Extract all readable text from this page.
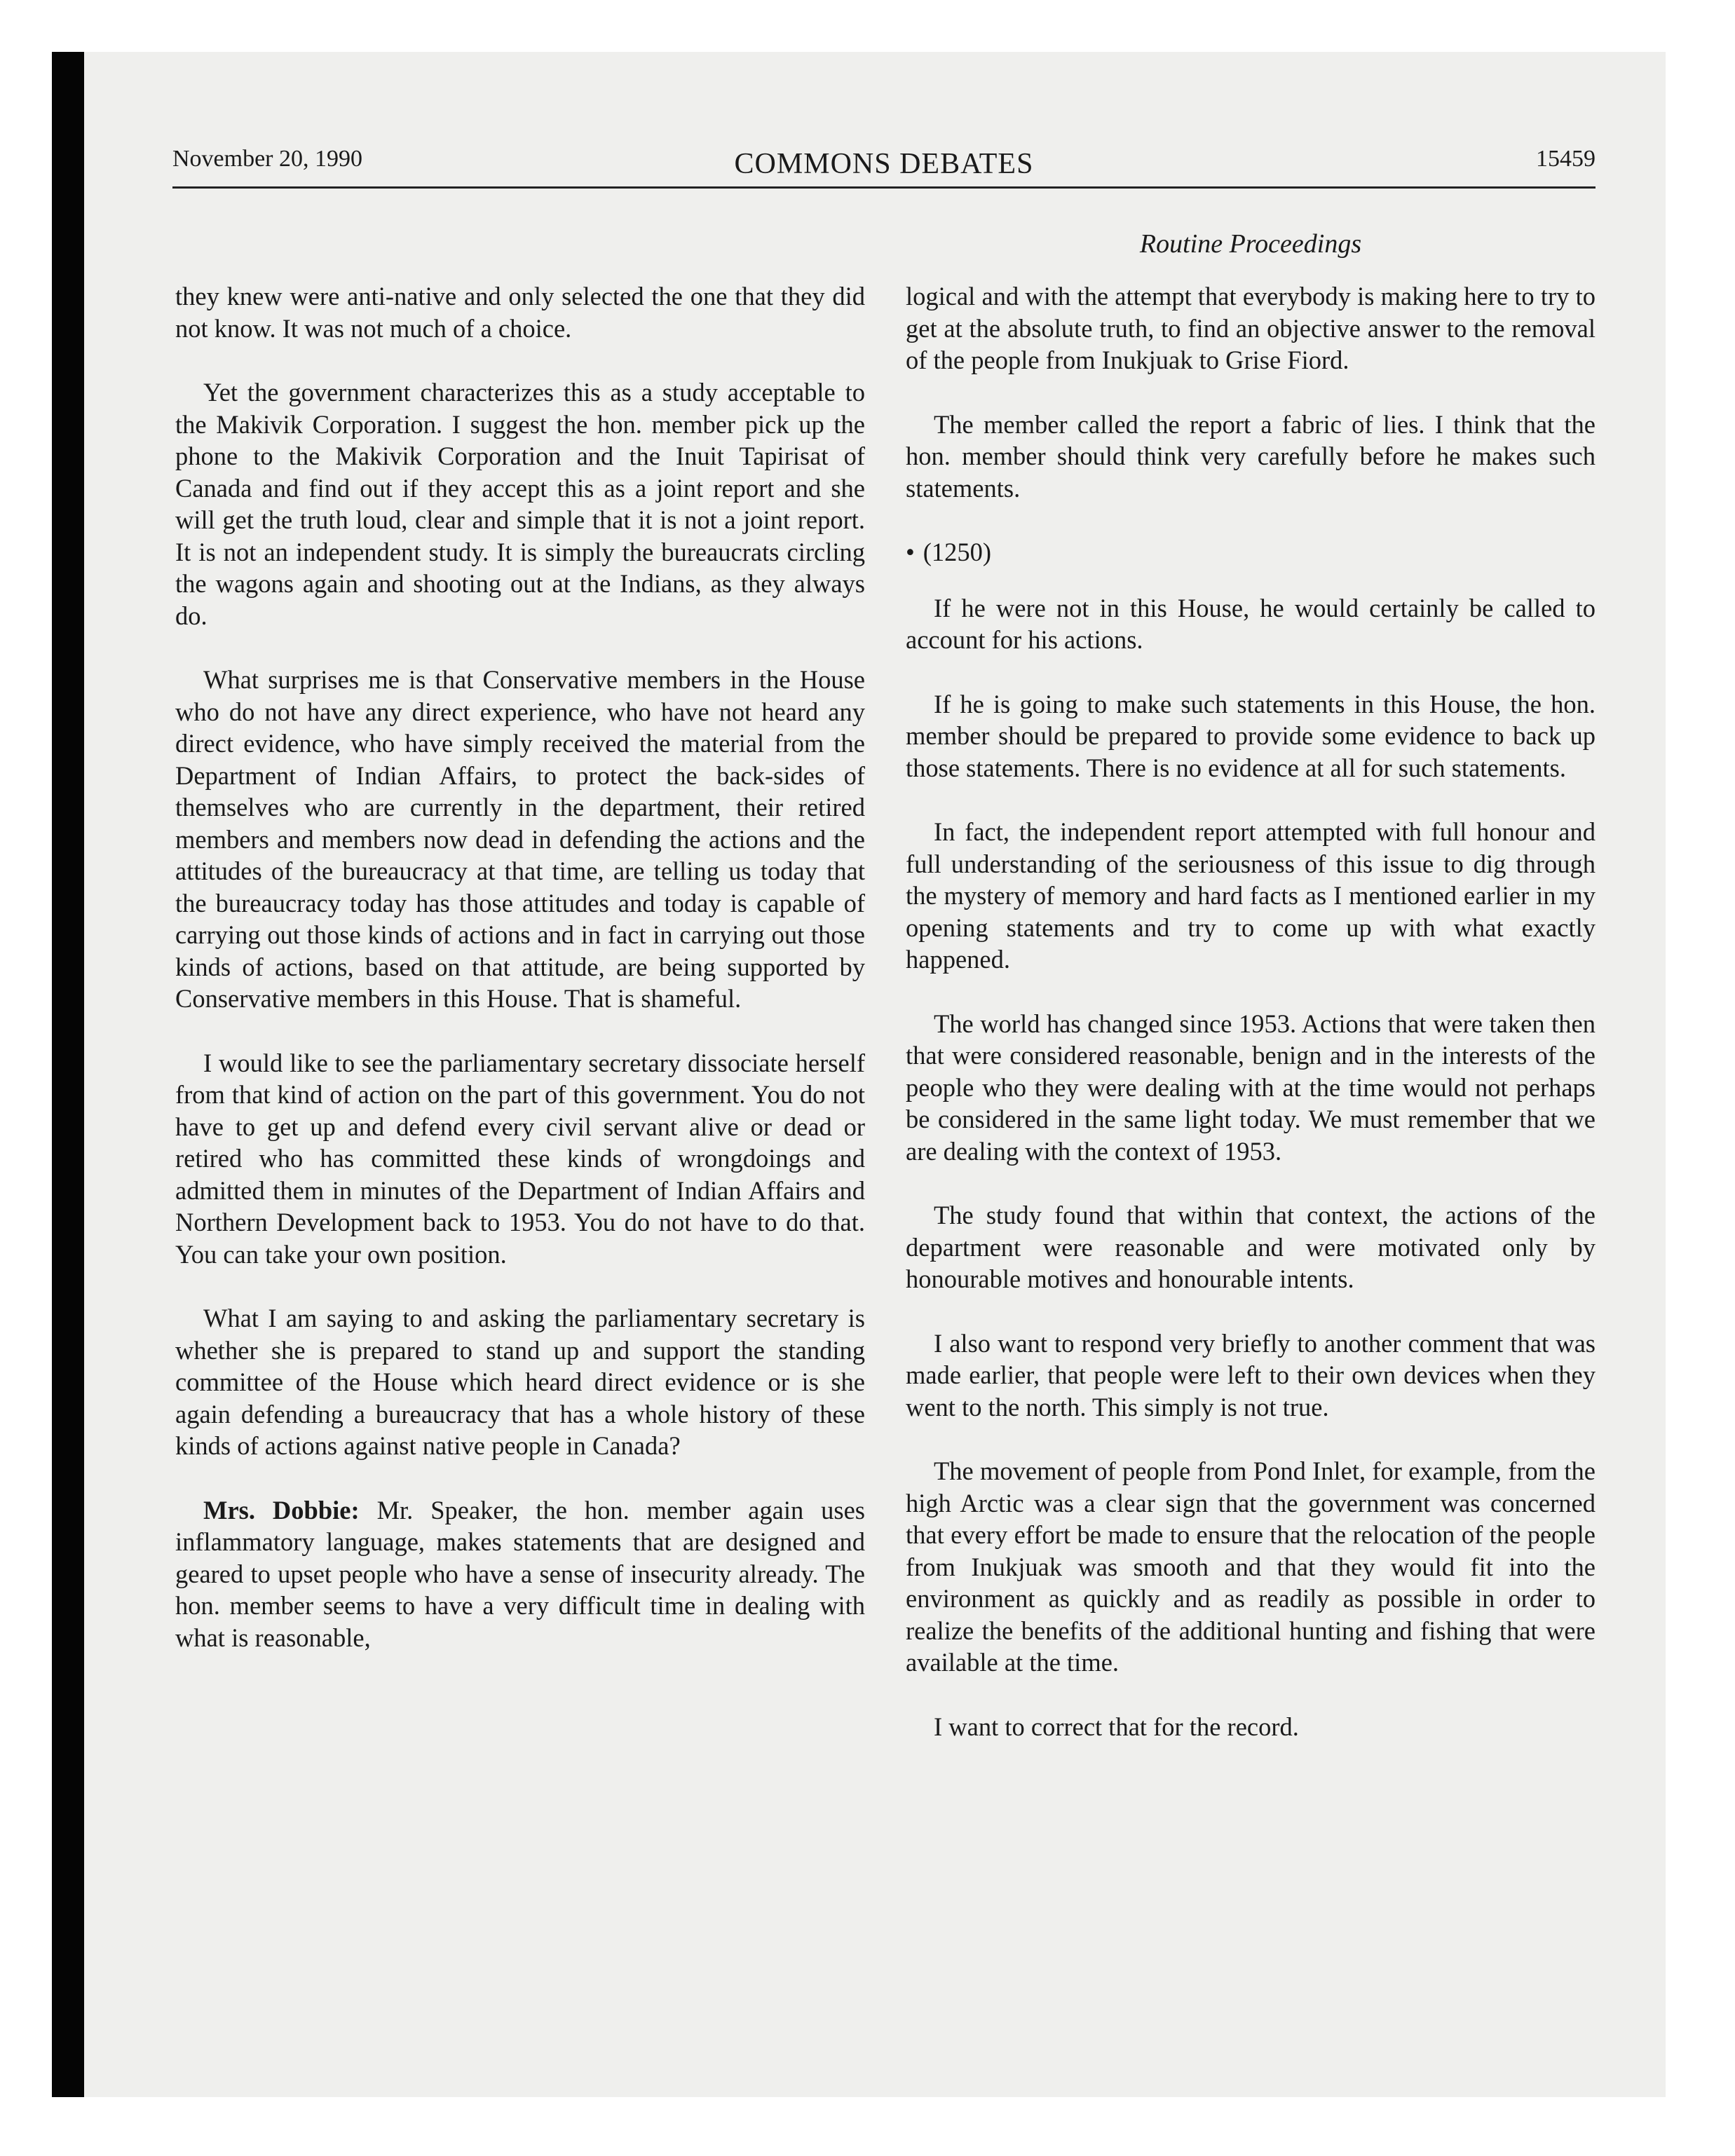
November 20, 1990	COMMONS DEBATES	15459
Routine Proceedings

they knew were anti-native and only selected the one that they did not know. It was not much of a choice.

Yet the government characterizes this as a study acceptable to the Makivik Corporation. I suggest the hon. member pick up the phone to the Makivik Corporation and the Inuit Tapirisat of Canada and find out if they accept this as a joint report and she will get the truth loud, clear and simple that it is not a joint report. It is not an independent study. It is simply the bureaucrats circling the wagons again and shooting out at the Indians, as they always do.

What surprises me is that Conservative members in the House who do not have any direct experience, who have not heard any direct evidence, who have simply received the material from the Department of Indian Affairs, to protect the back-sides of themselves who are currently in the department, their retired members and members now dead in defending the actions and the attitudes of the bureaucracy at that time, are telling us today that the bureaucracy today has those attitudes and today is capable of carrying out those kinds of actions and in fact in carrying out those kinds of actions, based on that attitude, are being supported by Conservative members in this House. That is shameful.

I would like to see the parliamentary secretary dissociate herself from that kind of action on the part of this government. You do not have to get up and defend every civil servant alive or dead or retired who has committed these kinds of wrongdoings and admitted them in minutes of the Department of Indian Affairs and Northern Development back to 1953. You do not have to do that. You can take your own position.

What I am saying to and asking the parliamentary secretary is whether she is prepared to stand up and support the standing committee of the House which heard direct evidence or is she again defending a bureaucracy that has a whole history of these kinds of actions against native people in Canada?

Mrs. Dobbie: Mr. Speaker, the hon. member again uses inflammatory language, makes statements that are designed and geared to upset people who have a sense of insecurity already. The hon. member seems to have a very difficult time in dealing with what is reasonable,

logical and with the attempt that everybody is making here to try to get at the absolute truth, to find an objective answer to the removal of the people from Inukjuak to Grise Fiord.

The member called the report a fabric of lies. I think that the hon. member should think very carefully before he makes such statements.

• (1250)

If he were not in this House, he would certainly be called to account for his actions.

If he is going to make such statements in this House, the hon. member should be prepared to provide some evidence to back up those statements. There is no evidence at all for such statements.

In fact, the independent report attempted with full honour and full understanding of the seriousness of this issue to dig through the mystery of memory and hard facts as I mentioned earlier in my opening statements and try to come up with what exactly happened.

The world has changed since 1953. Actions that were taken then that were considered reasonable, benign and in the interests of the people who they were dealing with at the time would not perhaps be considered in the same light today. We must remember that we are dealing with the context of 1953.

The study found that within that context, the actions of the department were reasonable and were motivated only by honourable motives and honourable intents.

I also want to respond very briefly to another comment that was made earlier, that people were left to their own devices when they went to the north. This simply is not true.

The movement of people from Pond Inlet, for example, from the high Arctic was a clear sign that the government was concerned that every effort be made to ensure that the relocation of the people from Inukjuak was smooth and that they would fit into the environment as quickly and as readily as possible in order to realize the benefits of the additional hunting and fishing that were available at the time.

I want to correct that for the record.
